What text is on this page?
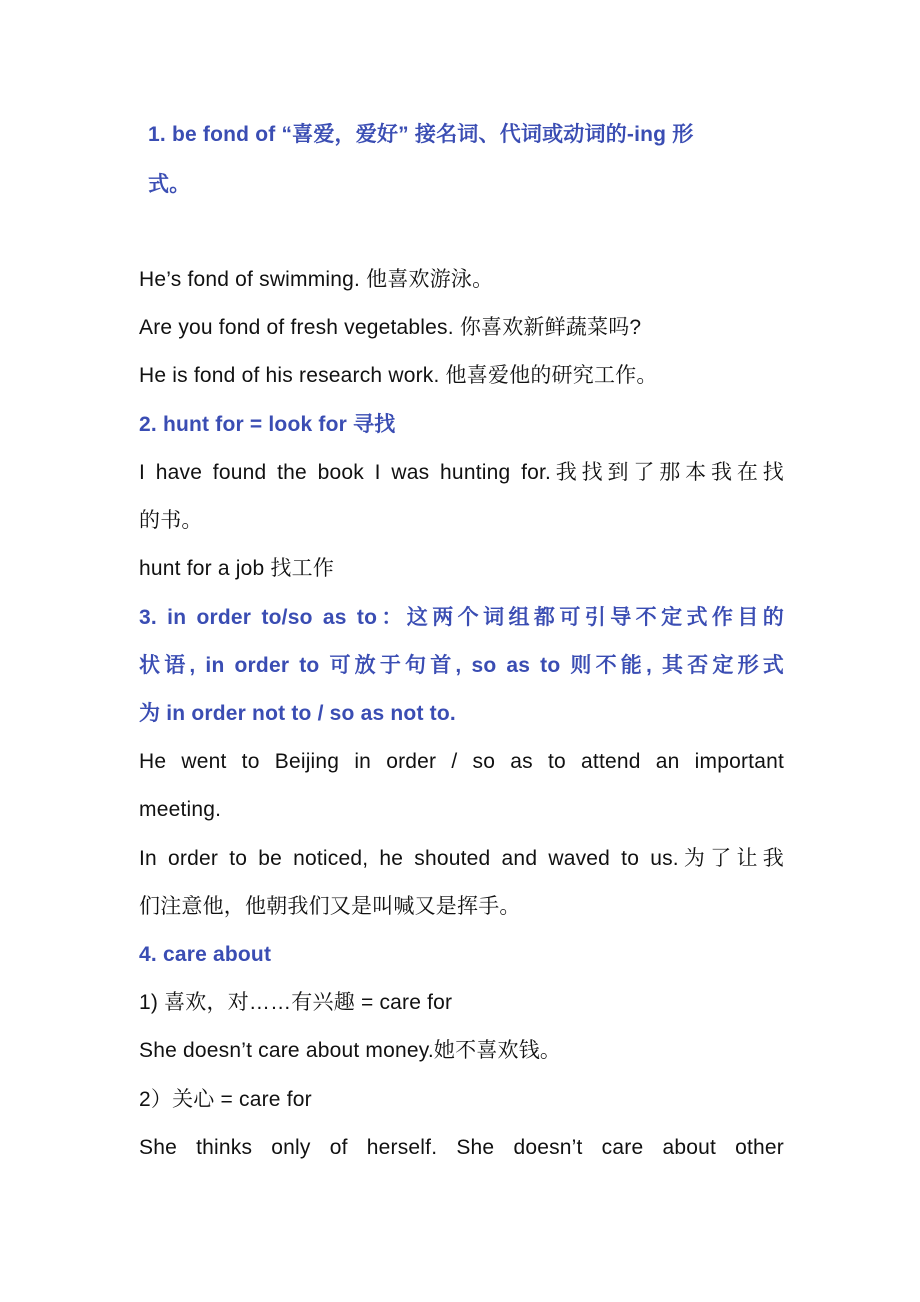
1. be fond of “喜爱，爱好” 接名词、代词或动词的-ing 形
式。
He’s fond of swimming. 他喜欢游泳。
Are you fond of fresh vegetables. 你喜欢新鲜蔬菜吗?
He is fond of his research work. 他喜爱他的研究工作。
2. hunt for = look for 寻找
I have found the book I was hunting for.我找到了那本我在找
的书。
hunt for a job 找工作
3. in order to/so as to：这两个词组都可引导不定式作目的
状语, in order to 可放于句首, so as to 则不能, 其否定形式
为 in order not to / so as not to.
He went to Beijing in order / so as to attend an important
meeting.
In order to be noticed, he shouted and waved to us.为了让我
们注意他，他朝我们又是叫喊又是挥手。
4. care about
1) 喜欢，对……有兴趣 = care for
She doesn’t care about money.她不喜欢钱。
2）关心 = care for
She thinks only of herself. She doesn’t care about other
